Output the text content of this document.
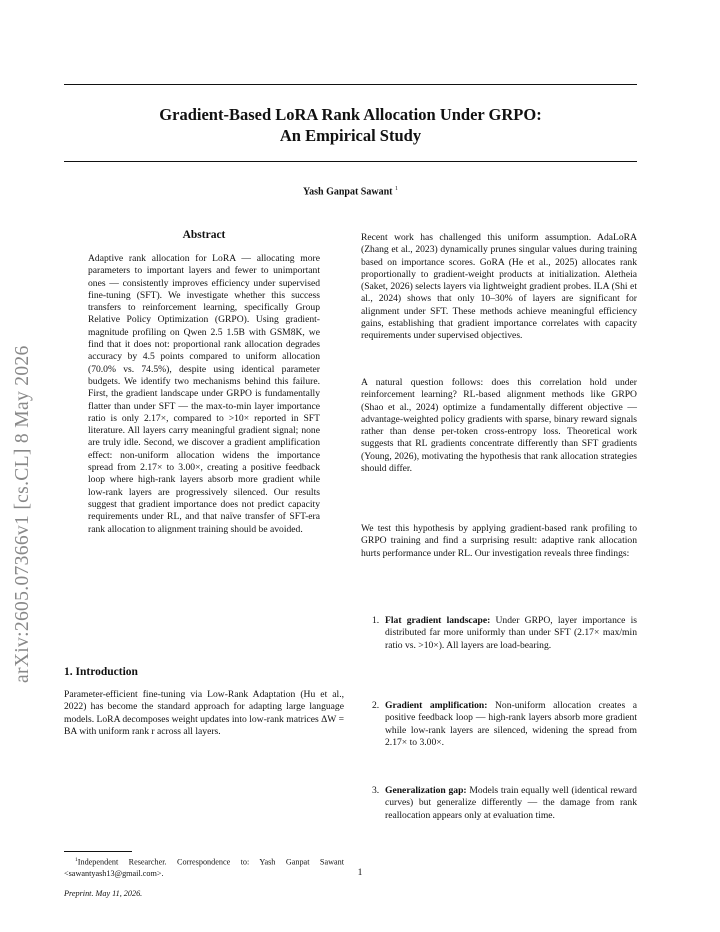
arXiv:2605.07366v1 [cs.CL] 8 May 2026
Gradient-Based LoRA Rank Allocation Under GRPO:
An Empirical Study
Yash Ganpat Sawant $^1$
Abstract
Adaptive rank allocation for LoRA — allocating more parameters to important layers and fewer to unimportant ones — consistently improves efficiency under supervised fine-tuning (SFT). We investigate whether this success transfers to reinforcement learning, specifically Group Relative Policy Optimization (GRPO). Using gradient-magnitude profiling on Qwen 2.5 1.5B with GSM8K, we find that it does not: proportional rank allocation degrades accuracy by 4.5 points compared to uniform allocation (70.0% vs. 74.5%), despite using identical parameter budgets. We identify two mechanisms behind this failure. First, the gradient landscape under GRPO is fundamentally flatter than under SFT — the max-to-min layer importance ratio is only 2.17×, compared to >10× reported in SFT literature. All layers carry meaningful gradient signal; none are truly idle. Second, we discover a gradient amplification effect: non-uniform allocation widens the importance spread from 2.17× to 3.00×, creating a positive feedback loop where high-rank layers absorb more gradient while low-rank layers are progressively silenced. Our results suggest that gradient importance does not predict capacity requirements under RL, and that naïve transfer of SFT-era rank allocation to alignment training should be avoided.
1. Introduction
Parameter-efficient fine-tuning via Low-Rank Adaptation (Hu et al., 2022) has become the standard approach for adapting large language models. LoRA decomposes weight updates into low-rank matrices ΔW = BA with uniform rank r across all layers.
$^1$Independent Researcher. Correspondence to: Yash Ganpat Sawant <sawantyash13@gmail.com>.
Preprint. May 11, 2026.
Recent work has challenged this uniform assumption. AdaLoRA (Zhang et al., 2023) dynamically prunes singular values during training based on importance scores. GoRA (He et al., 2025) allocates rank proportionally to gradient-weight products at initialization. Aletheia (Saket, 2026) selects layers via lightweight gradient probes. ILA (Shi et al., 2024) shows that only 10–30% of layers are significant for alignment under SFT. These methods achieve meaningful efficiency gains, establishing that gradient importance correlates with capacity requirements under supervised objectives.
A natural question follows: does this correlation hold under reinforcement learning? RL-based alignment methods like GRPO (Shao et al., 2024) optimize a fundamentally different objective — advantage-weighted policy gradients with sparse, binary reward signals rather than dense per-token cross-entropy loss. Theoretical work suggests that RL gradients concentrate differently than SFT gradients (Young, 2026), motivating the hypothesis that rank allocation strategies should differ.
We test this hypothesis by applying gradient-based rank profiling to GRPO training and find a surprising result: adaptive rank allocation hurts performance under RL. Our investigation reveals three findings:
1. Flat gradient landscape: Under GRPO, layer importance is distributed far more uniformly than under SFT (2.17× max/min ratio vs. >10×). All layers are load-bearing.
2. Gradient amplification: Non-uniform allocation creates a positive feedback loop — high-rank layers absorb more gradient while low-rank layers are silenced, widening the spread from 2.17× to 3.00×.
3. Generalization gap: Models train equally well (identical reward curves) but generalize differently — the damage from rank reallocation appears only at evaluation time.
1
